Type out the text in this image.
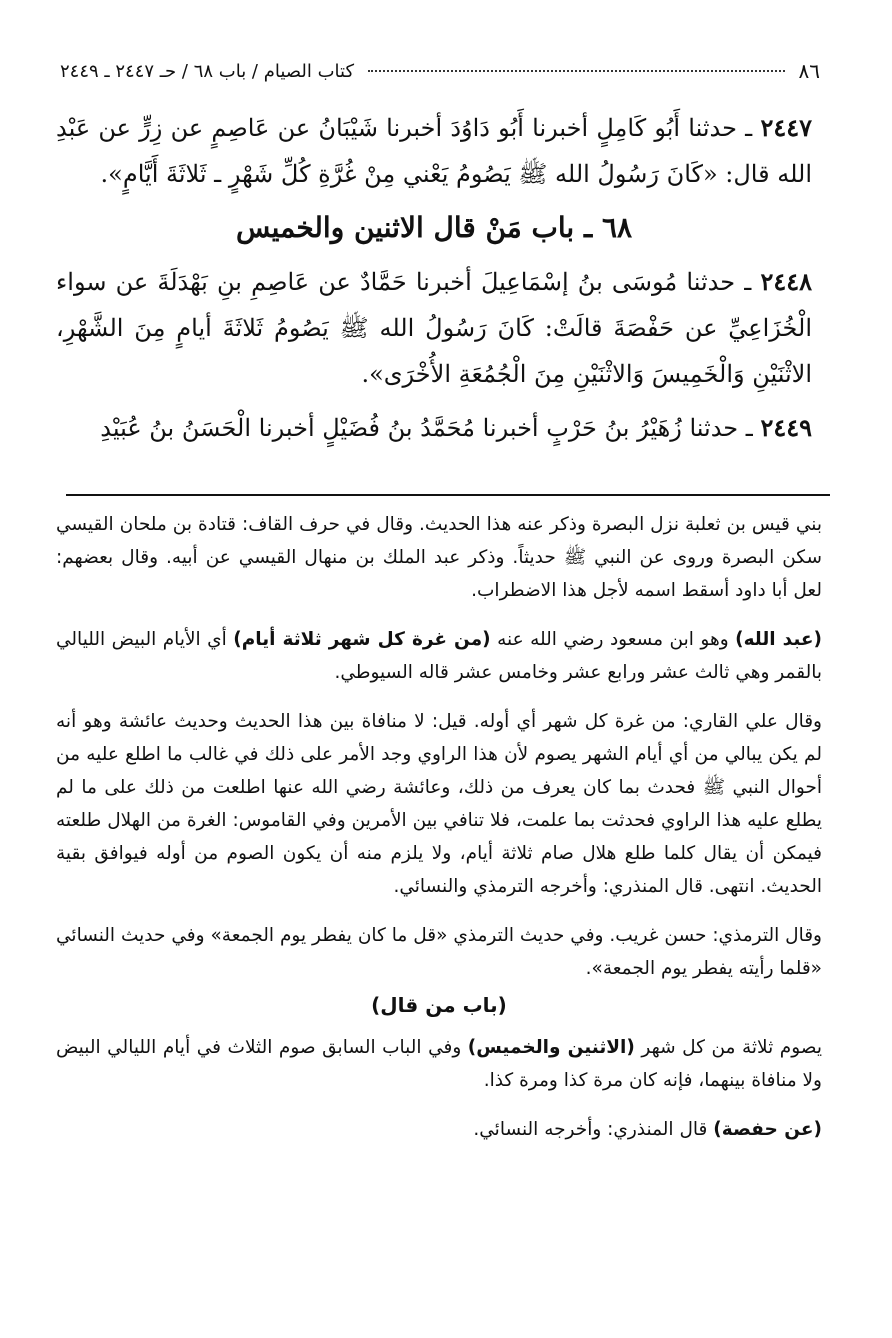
٨٦
كتاب الصيام / باب ٦٨ / حـ ٢٤٤٧ ـ ٢٤٤٩

٢٤٤٧ ـ حدثنا أَبُو كَامِلٍ أخبرنا أَبُو دَاوُدَ أخبرنا شَيْبَانُ عن عَاصِمٍ عن زِرٍّ عن عَبْدِ الله قال: «كَانَ رَسُولُ الله ﷺ يَصُومُ يَعْني مِنْ غُرَّةِ كُلِّ شَهْرٍ ـ ثَلاثَةَ أَيَّامٍ».

٦٨ ـ باب مَنْ قال الاثنين والخميس

٢٤٤٨ ـ حدثنا مُوسَى بنُ إسْمَاعِيلَ أخبرنا حَمَّادٌ عن عَاصِمِ بنِ بَهْدَلَةَ عن سواء الْخُزَاعِيِّ عن حَفْصَةَ قالَتْ: كَانَ رَسُولُ الله ﷺ يَصُومُ ثَلاثَةَ أيامٍ مِنَ الشَّهْرِ، الاثْنَيْنِ وَالْخَمِيسَ وَالاثْنَيْنِ مِنَ الْجُمُعَةِ الأُخْرَى».

٢٤٤٩ ـ حدثنا زُهَيْرُ بنُ حَرْبٍ أخبرنا مُحَمَّدُ بنُ فُضَيْلٍ أخبرنا الْحَسَنُ بنُ عُبَيْدِ

بني قيس بن ثعلبة نزل البصرة وذكر عنه هذا الحديث. وقال في حرف القاف: قتادة بن ملحان القيسي سكن البصرة وروى عن النبي ﷺ حديثاً. وذكر عبد الملك بن منهال القيسي عن أبيه. وقال بعضهم: لعل أبا داود أسقط اسمه لأجل هذا الاضطراب.

(عبد الله) وهو ابن مسعود رضي الله عنه (من غرة كل شهر ثلاثة أيام) أي الأيام البيض الليالي بالقمر وهي ثالث عشر ورابع عشر وخامس عشر قاله السيوطي.

وقال علي القاري: من غرة كل شهر أي أوله. قيل: لا منافاة بين هذا الحديث وحديث عائشة وهو أنه لم يكن يبالي من أي أيام الشهر يصوم لأن هذا الراوي وجد الأمر على ذلك في غالب ما اطلع عليه من أحوال النبي ﷺ فحدث بما كان يعرف من ذلك، وعائشة رضي الله عنها اطلعت من ذلك على ما لم يطلع عليه هذا الراوي فحدثت بما علمت، فلا تنافي بين الأمرين وفي القاموس: الغرة من الهلال طلعته فيمكن أن يقال كلما طلع هلال صام ثلاثة أيام، ولا يلزم منه أن يكون الصوم من أوله فيوافق بقية الحديث. انتهى. قال المنذري: وأخرجه الترمذي والنسائي.

وقال الترمذي: حسن غريب. وفي حديث الترمذي «قل ما كان يفطر يوم الجمعة» وفي حديث النسائي «قلما رأيته يفطر يوم الجمعة».

(باب من قال)

يصوم ثلاثة من كل شهر (الاثنين والخميس) وفي الباب السابق صوم الثلاث في أيام الليالي البيض ولا منافاة بينهما، فإنه كان مرة كذا ومرة كذا.

(عن حفصة) قال المنذري: وأخرجه النسائي.
